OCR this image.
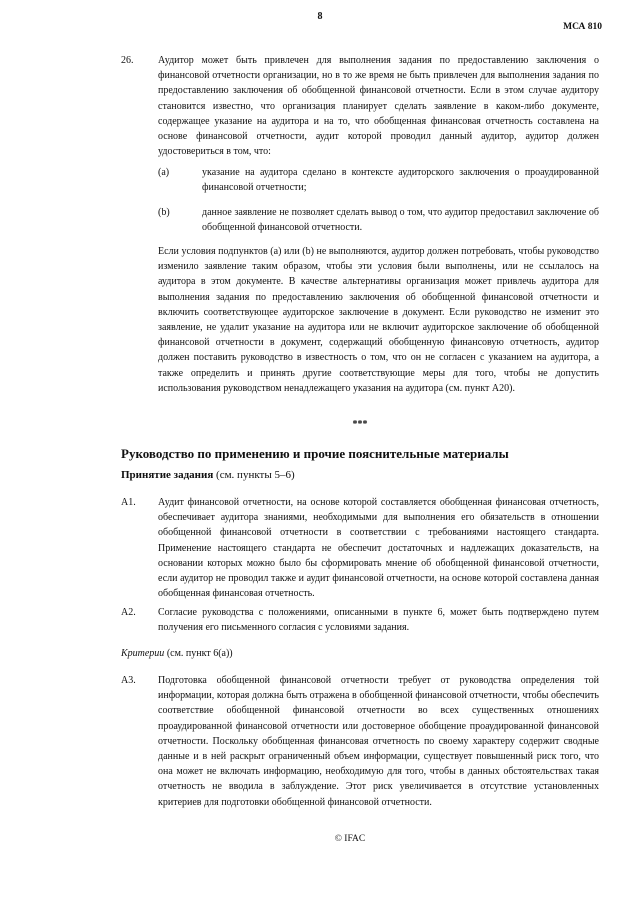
8
МСА 810
26. Аудитор может быть привлечен для выполнения задания по предоставлению заключения о финансовой отчетности организации, но в то же время не быть привлечен для выполнения задания по предоставлению заключения об обобщенной финансовой отчетности. Если в этом случае аудитору становится известно, что организация планирует сделать заявление в каком-либо документе, содержащее указание на аудитора и на то, что обобщенная финансовая отчетность составлена на основе финансовой отчетности, аудит которой проводил данный аудитор, аудитор должен удостовериться в том, что:

(a)	указание на аудитора сделано в контексте аудиторского заключения о проаудированной финансовой отчетности;

(b)	данное заявление не позволяет сделать вывод о том, что аудитор предоставил заключение об обобщенной финансовой отчетности.

Если условия подпунктов (a) или (b) не выполняются, аудитор должен потребовать, чтобы руководство изменило заявление таким образом, чтобы эти условия были выполнены, или не ссылалось на аудитора в этом документе. В качестве альтернативы организация может привлечь аудитора для выполнения задания по предоставлению заключения об обобщенной финансовой отчетности и включить соответствующее аудиторское заключение в документ. Если руководство не изменит это заявление, не удалит указание на аудитора или не включит аудиторское заключение об обобщенной финансовой отчетности в документ, содержащий обобщенную финансовую отчетность, аудитор должен поставить руководство в известность о том, что он не согласен с указанием на аудитора, а также определить и принять другие соответствующие меры для того, чтобы не допустить использования руководством ненадлежащего указания на аудитора (см. пункт A20).

***
Руководство по применению и прочие пояснительные материалы
Принятие задания (см. пункты 5–6)
A1. Аудит финансовой отчетности, на основе которой составляется обобщенная финансовая отчетность, обеспечивает аудитора знаниями, необходимыми для выполнения его обязательств в отношении обобщенной финансовой отчетности в соответствии с требованиями настоящего стандарта. Применение настоящего стандарта не обеспечит достаточных и надлежащих доказательств, на основании которых можно было бы сформировать мнение об обобщенной финансовой отчетности, если аудитор не проводил также и аудит финансовой отчетности, на основе которой составлена данная обобщенная финансовая отчетность.

A2. Согласие руководства с положениями, описанными в пункте 6, может быть подтверждено путем получения его письменного согласия с условиями задания.

Критерии (см. пункт 6(a))
A3. Подготовка обобщенной финансовой отчетности требует от руководства определения той информации, которая должна быть отражена в обобщенной финансовой отчетности, чтобы обеспечить соответствие обобщенной финансовой отчетности во всех существенных отношениях проаудированной финансовой отчетности или достоверное обобщение проаудированной финансовой отчетности. Поскольку обобщенная финансовая отчетность по своему характеру содержит сводные данные и в ней раскрыт ограниченный объем информации, существует повышенный риск того, что она может не включать информацию, необходимую для того, чтобы в данных обстоятельствах такая отчетность не вводила в заблуждение. Этот риск увеличивается в отсутствие установленных критериев для подготовки обобщенной финансовой отчетности.

© IFAC
